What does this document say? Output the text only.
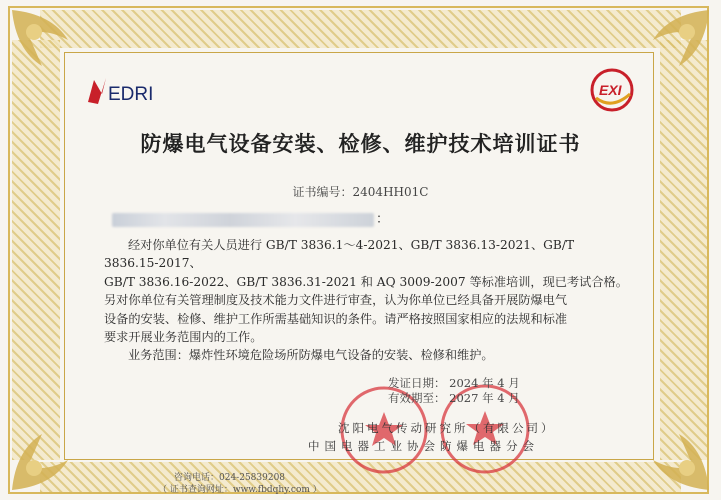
EDRI	EXI
防爆电气设备安装、检修、维护技术培训证书
证书编号：2404HH01C
：

经对你单位有关人员进行 GB/T 3836.1～4-2021、GB/T 3836.13-2021、GB/T 3836.15-2017、

GB/T 3836.16-2022、GB/T 3836.31-2021 和 AQ 3009-2007 等标准培训，现已考试合格。

另对你单位有关管理制度及技术能力文件进行审查，认为你单位已经具备开展防爆电气

设备的安装、检修、维护工作所需基础知识的条件。请严格按照国家相应的法规和标准

要求开展业务范围内的工作。

业务范围：爆炸性环境危险场所防爆电气设备的安装、检修和维护。

发证日期： 2024 年 4 月
有效期至： 2027 年 4 月
沈阳电气传动研究所（有限公司）
中国电器工业协会防爆电器分会
咨询电话：024-25839208
（ 证书查询网址：www.fbdqhy.com ）
